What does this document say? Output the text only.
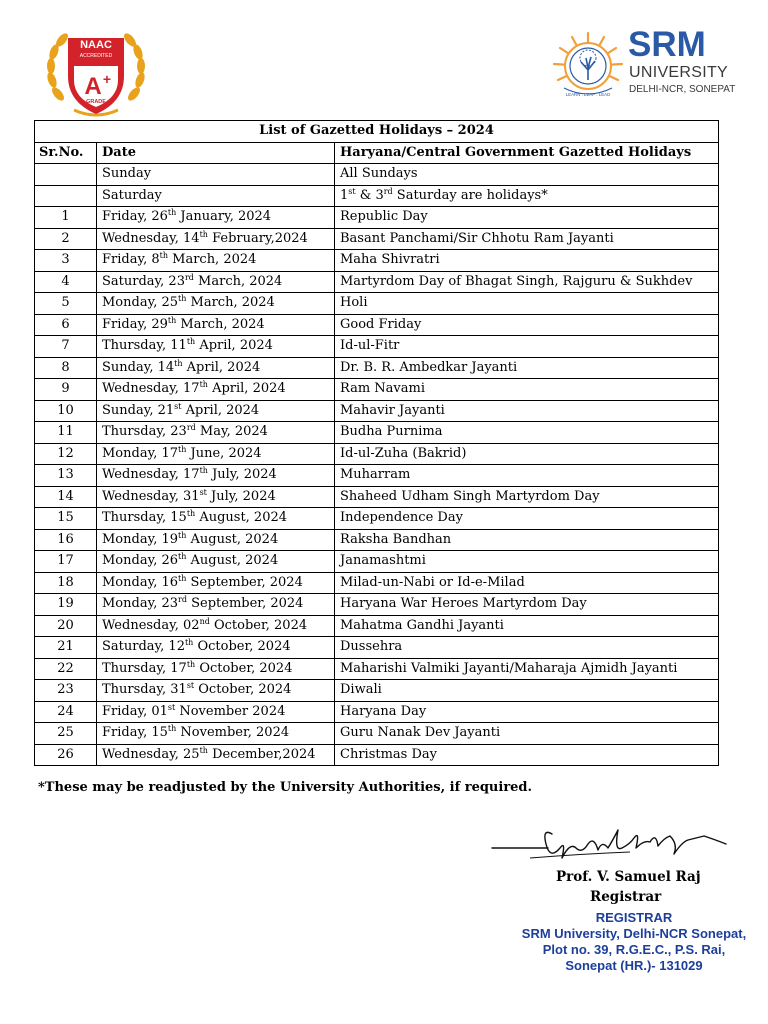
NAAC
ACCREDITED
A +
GRADE
LEARN . LEAP . LEAD
SRM
UNIVERSITY
DELHI-NCR, SONEPAT
List of Gazetted Holidays – 2024		
Sr.No.	Date	Haryana/Central Government Gazetted Holidays
	Sunday	All Sundays
	Saturday	1st & 3rd Saturday are holidays*
1	Friday, 26th January, 2024	Republic Day
2	Wednesday, 14th February,2024	Basant Panchami/Sir Chhotu Ram Jayanti
3	Friday, 8th March, 2024	Maha Shivratri
4	Saturday, 23rd March, 2024	Martyrdom Day of Bhagat Singh, Rajguru & Sukhdev
5	Monday, 25th March, 2024	Holi
6	Friday, 29th March, 2024	Good Friday
7	Thursday, 11th April, 2024	Id-ul-Fitr
8	Sunday, 14th April, 2024	Dr. B. R. Ambedkar Jayanti
9	Wednesday, 17th April, 2024	Ram Navami
10	Sunday, 21st April, 2024	Mahavir Jayanti
11	Thursday, 23rd May, 2024	Budha Purnima
12	Monday, 17th June, 2024	Id-ul-Zuha (Bakrid)
13	Wednesday, 17th July, 2024	Muharram
14	Wednesday, 31st July, 2024	Shaheed Udham Singh Martyrdom Day
15	Thursday, 15th August, 2024	Independence Day
16	Monday, 19th August, 2024	Raksha Bandhan
17	Monday, 26th August, 2024	Janamashtmi
18	Monday, 16th September, 2024	Milad-un-Nabi or Id-e-Milad
19	Monday, 23rd September, 2024	Haryana War Heroes Martyrdom Day
20	Wednesday, 02nd October, 2024	Mahatma Gandhi Jayanti
21	Saturday, 12th October, 2024	Dussehra
22	Thursday, 17th October, 2024	Maharishi Valmiki Jayanti/Maharaja Ajmidh Jayanti
23	Thursday, 31st October, 2024	Diwali
24	Friday, 01st November 2024	Haryana Day
25	Friday, 15th November, 2024	Guru Nanak Dev Jayanti
26	Wednesday, 25th December,2024	Christmas Day
*These may be readjusted by the University Authorities, if required.
Prof. V. Samuel Raj
Registrar
REGISTRAR
SRM University, Delhi-NCR Sonepat,
Plot no. 39, R.G.E.C., P.S. Rai,
Sonepat (HR.)- 131029
